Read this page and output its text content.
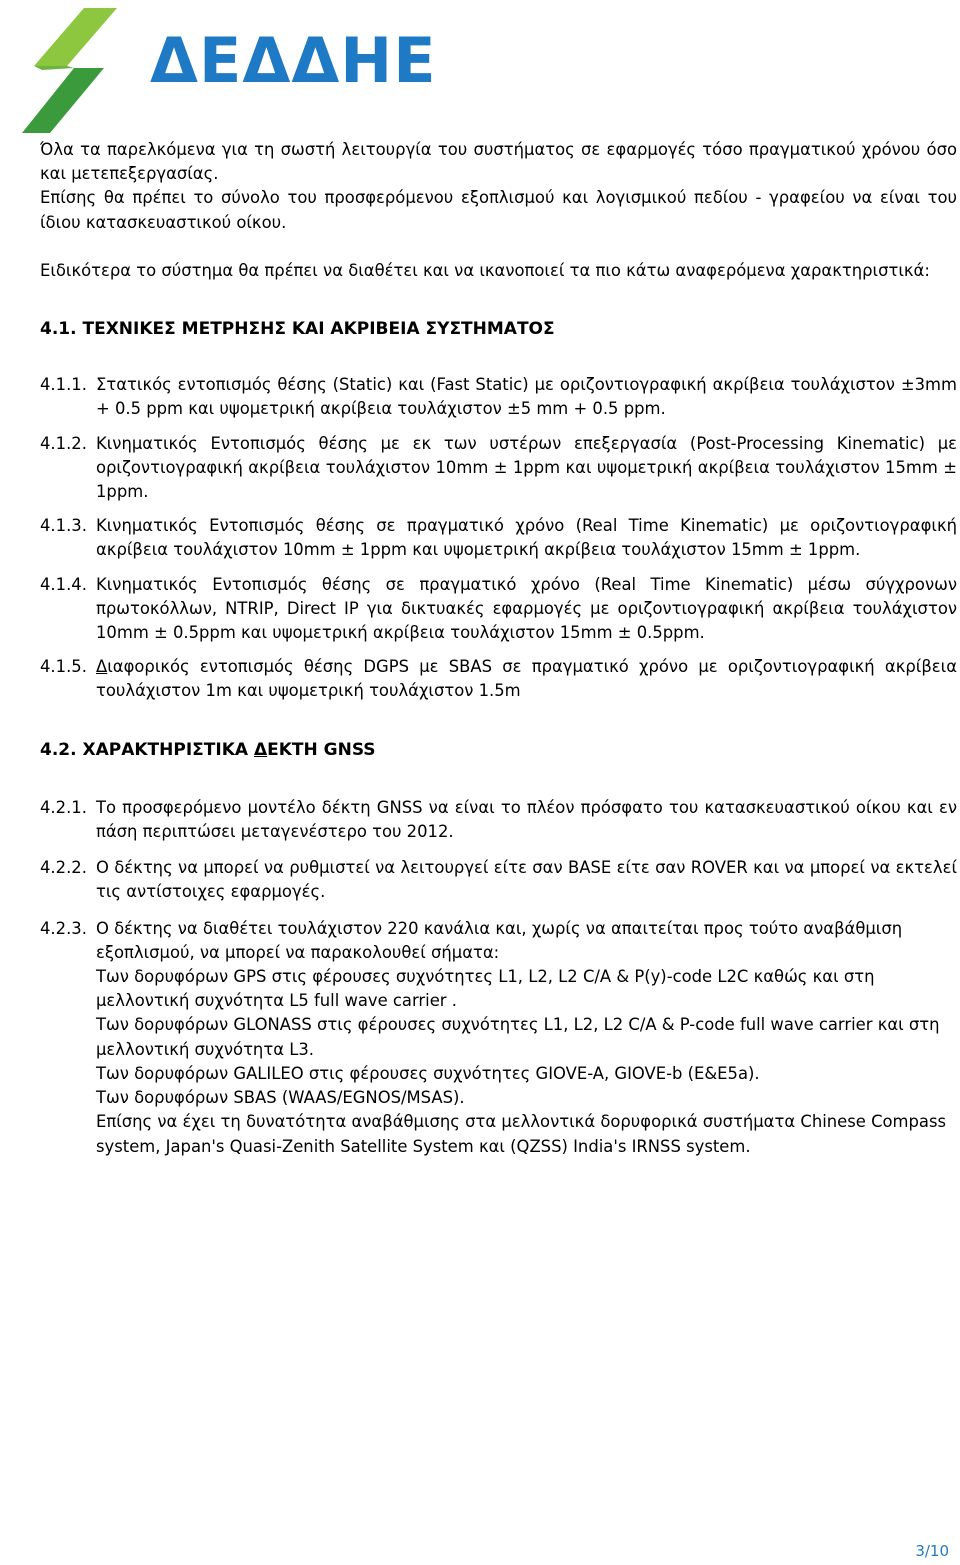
ΔΕΔΔΗΕ

Όλα τα παρελκόμενα για τη σωστή λειτουργία του συστήματος σε εφαρμογές τόσο πραγματικού χρόνου όσο και μετεπεξεργασίας.

Επίσης θα πρέπει το σύνολο του προσφερόμενου εξοπλισμού και λογισμικού πεδίου - γραφείου να είναι του ίδιου κατασκευαστικού οίκου.

Ειδικότερα το σύστημα θα πρέπει να διαθέτει και να ικανοποιεί τα πιο κάτω αναφερόμενα χαρακτηριστικά:

4.1. ΤΕΧΝΙΚΕΣ ΜΕΤΡΗΣΗΣ ΚΑΙ ΑΚΡΙΒΕΙΑ ΣΥΣΤΗΜΑΤΟΣ

4.1.1. Στατικός εντοπισμός θέσης (Static) και (Fast Static) με οριζοντιογραφική ακρίβεια τουλάχιστον ±3mm + 0.5 ppm και υψομετρική ακρίβεια τουλάχιστον ±5 mm + 0.5 ppm.
4.1.2. Κινηματικός Εντοπισμός θέσης με εκ των υστέρων επεξεργασία (Post-Processing Kinematic) με οριζοντιογραφική ακρίβεια τουλάχιστον 10mm ± 1ppm και υψομετρική ακρίβεια τουλάχιστον 15mm ± 1ppm.
4.1.3. Κινηματικός Εντοπισμός θέσης σε πραγματικό χρόνο (Real Time Kinematic) με οριζοντιογραφική ακρίβεια τουλάχιστον 10mm ± 1ppm και υψομετρική ακρίβεια τουλάχιστον 15mm ± 1ppm.
4.1.4. Κινηματικός Εντοπισμός θέσης σε πραγματικό χρόνο (Real Time Kinematic) μέσω σύγχρονων πρωτοκόλλων, NTRIP, Direct IP για δικτυακές εφαρμογές με οριζοντιογραφική ακρίβεια τουλάχιστον 10mm ± 0.5ppm και υψομετρική ακρίβεια τουλάχιστον 15mm ± 0.5ppm.
4.1.5. Διαφορικός εντοπισμός θέσης DGPS με SBAS σε πραγματικό χρόνο με οριζοντιογραφική ακρίβεια τουλάχιστον 1m και υψομετρική τουλάχιστον 1.5m

4.2. ΧΑΡΑΚΤΗΡΙΣΤΙΚΑ ΔΕΚΤΗ GNSS

4.2.1. Το προσφερόμενο μοντέλο δέκτη GNSS να είναι το πλέον πρόσφατο του κατασκευαστικού οίκου και εν πάση περιπτώσει μεταγενέστερο του 2012.
4.2.2. Ο δέκτης να μπορεί να ρυθμιστεί να λειτουργεί είτε σαν BASE είτε σαν ROVER και να μπορεί να εκτελεί τις αντίστοιχες εφαρμογές.
4.2.3. Ο δέκτης να διαθέτει τουλάχιστον 220 κανάλια και, χωρίς να απαιτείται προς τούτο αναβάθμιση εξοπλισμού, να μπορεί να παρακολουθεί σήματα:
Των δορυφόρων GPS στις φέρουσες συχνότητες L1, L2, L2 C/A & P(y)-code L2C καθώς και στη μελλοντική συχνότητα L5 full wave carrier .
Των δορυφόρων GLONASS στις φέρουσες συχνότητες L1, L2, L2 C/A & P-code full wave carrier και στη μελλοντική συχνότητα L3.
Των δορυφόρων GALILEO στις φέρουσες συχνότητες GIOVE-A, GIOVE-b (E&E5a).
Των δορυφόρων SBAS (WAAS/EGNOS/MSAS).
Επίσης να έχει τη δυνατότητα αναβάθμισης στα μελλοντικά δορυφορικά συστήματα Chinese Compass system, Japan's Quasi-Zenith Satellite System και (QZSS) India's IRNSS system.
3/10
